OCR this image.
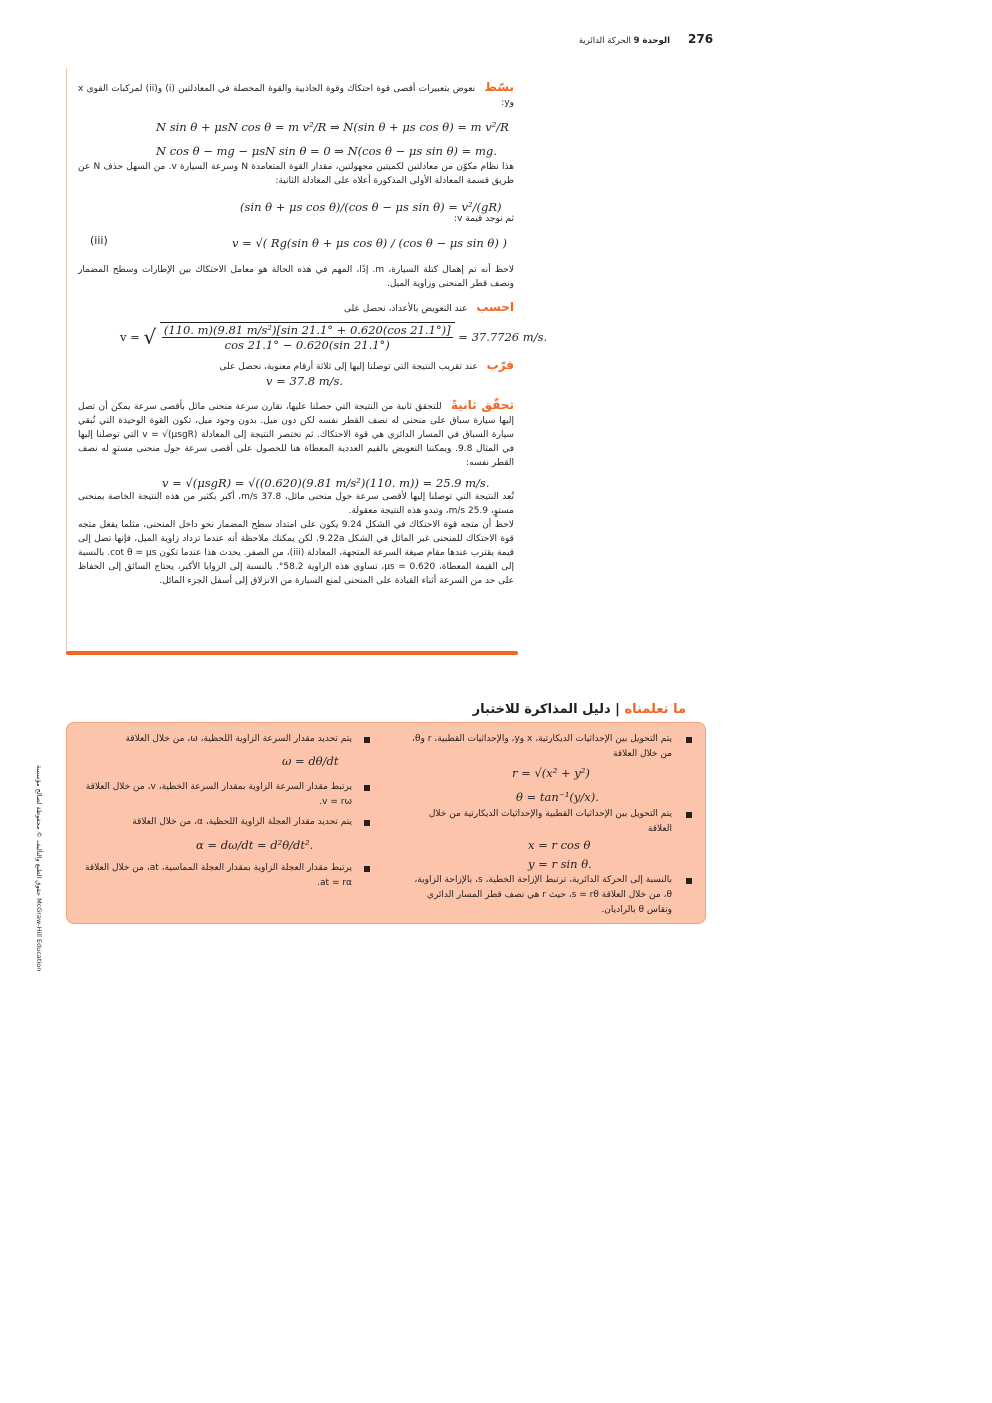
276
الوحدة 9 الحركة الدائرية
بسّط نعوض بتعبيرات أقصى قوة احتكاك وقوة الجاذبية والقوة المحصلة في المعادلتين (i) و(ii) لمركبات القوى x وy:
N sin θ + μsN cos θ = m v²/R ⇒ N(sin θ + μs cos θ) = m v²/R
N cos θ − mg − μsN sin θ = 0 ⇒ N(cos θ − μs sin θ) = mg.
هذا نظام مكوّن من معادلتين لكميتين مجهولتين، مقدار القوة المتعامدة N وسرعة السيارة v. من السهل حذف N عن طريق قسمة المعادلة الأولى المذكورة أعلاه على المعادلة الثانية:
(sin θ + μs cos θ)/(cos θ − μs sin θ) = v²/(gR)
ثم نوجد قيمة v:
(iii)	v = √( Rg(sin θ + μs cos θ) / (cos θ − μs sin θ) )
لاحظ أنه تم إهمال كتلة السيارة، m. إذًا، المهم في هذه الحالة هو معامل الاحتكاك بين الإطارات وسطح المضمار ونصف قطر المنحنى وزاوية الميل.
احسب عند التعويض بالأعداد، نحصل على
v = √ $\frac{\text{(110. m)(9.81 m/s²)[sin 21.1° + 0.620(cos 21.1°)]}}{\cos 21.1^\circ - 0.620(\sin 21.1^\circ)} = 37.7726$ m/s.
قرّب عند تقريب النتيجة التي توصلنا إليها إلى ثلاثة أرقام معنوية، نحصل على
v = 37.8 m/s.
تحقّق ثانيةً للتحقق ثانية من النتيجة التي حصلنا عليها، نقارن سرعة منحنى مائل بأقصى سرعة يمكن أن تصل إليها سيارة سباق على منحنى له نصف القطر نفسه لكن دون ميل. بدون وجود ميل، تكون القوة الوحيدة التي تُبقي سيارة السباق في المسار الدائري هي قوة الاحتكاك. ثم نختصر النتيجة إلى المعادلة v = √(μsgR) التي توصلنا إليها في المثال 9.8. ويمكننا التعويض بالقيم العددية المعطاة هنا للحصول على أقصى سرعة حول منحنى مستوٍ له نصف القطر نفسه:
v = √(μsgR) = √((0.620)(9.81 m/s²)(110. m)) = 25.9 m/s.
تُعد النتيجة التي توصلنا إليها لأقصى سرعة حول منحنى مائل، 37.8 m/s، أكبر بكثير من هذه النتيجة الخاصة بمنحنى مستوٍ، 25.9 m/s، وتبدو هذه النتيجة معقولة.
لاحظ أن متجه قوة الاحتكاك في الشكل 9.24 يكون على امتداد سطح المضمار نحو داخل المنحنى، مثلما يفعل متجه قوة الاحتكاك للمنحنى غير المائل في الشكل 9.22a. لكن يمكنك ملاحظة أنه عندما تزداد زاوية الميل، فإنها تصل إلى قيمة يقترب عندها مقام صيغة السرعة المتجهة، المعادلة (iii)، من الصفر. يحدث هذا عندما تكون cot θ = μs. بالنسبة إلى القيمة المعطاة، μs = 0.620، تساوي هذه الزاوية 58.2°. بالنسبة إلى الزوايا الأكبر، يحتاج السائق إلى الحفاظ على حد من السرعة أثناء القيادة على المنحنى لمنع السيارة من الانزلاق إلى أسفل الجزء المائل.
ما تعلمناه | دليل المذاكرة للاختبار
يتم التحويل بين الإحداثيات الديكارتية، x وy، والإحداثيات القطبية، r وθ، من خلال العلاقة
r = √(x² + y²)
θ = tan⁻¹(y/x).
يتم التحويل بين الإحداثيات القطبية والإحداثيات الديكارتية من خلال العلاقة
x = r cos θ
y = r sin θ.
بالنسبة إلى الحركة الدائرية، ترتبط الإزاحة الخطية، s، بالإزاحة الزاوية، θ، من خلال العلاقة s = rθ، حيث r هي نصف قطر المسار الدائري وتقاس θ بالراديان.
يتم تحديد مقدار السرعة الزاوية اللحظية، ω، من خلال العلاقة
ω = dθ/dt
يرتبط مقدار السرعة الزاوية بمقدار السرعة الخطية، v، من خلال العلاقة v = rω.
يتم تحديد مقدار العجلة الزاوية اللحظية، α، من خلال العلاقة
α = dω/dt = d²θ/dt².
يرتبط مقدار العجلة الزاوية بمقدار العجلة المماسية، at، من خلال العلاقة at = rα.
حقوق الطبع والتأليف © محفوظة لصالح مؤسسة McGraw-Hill Education
